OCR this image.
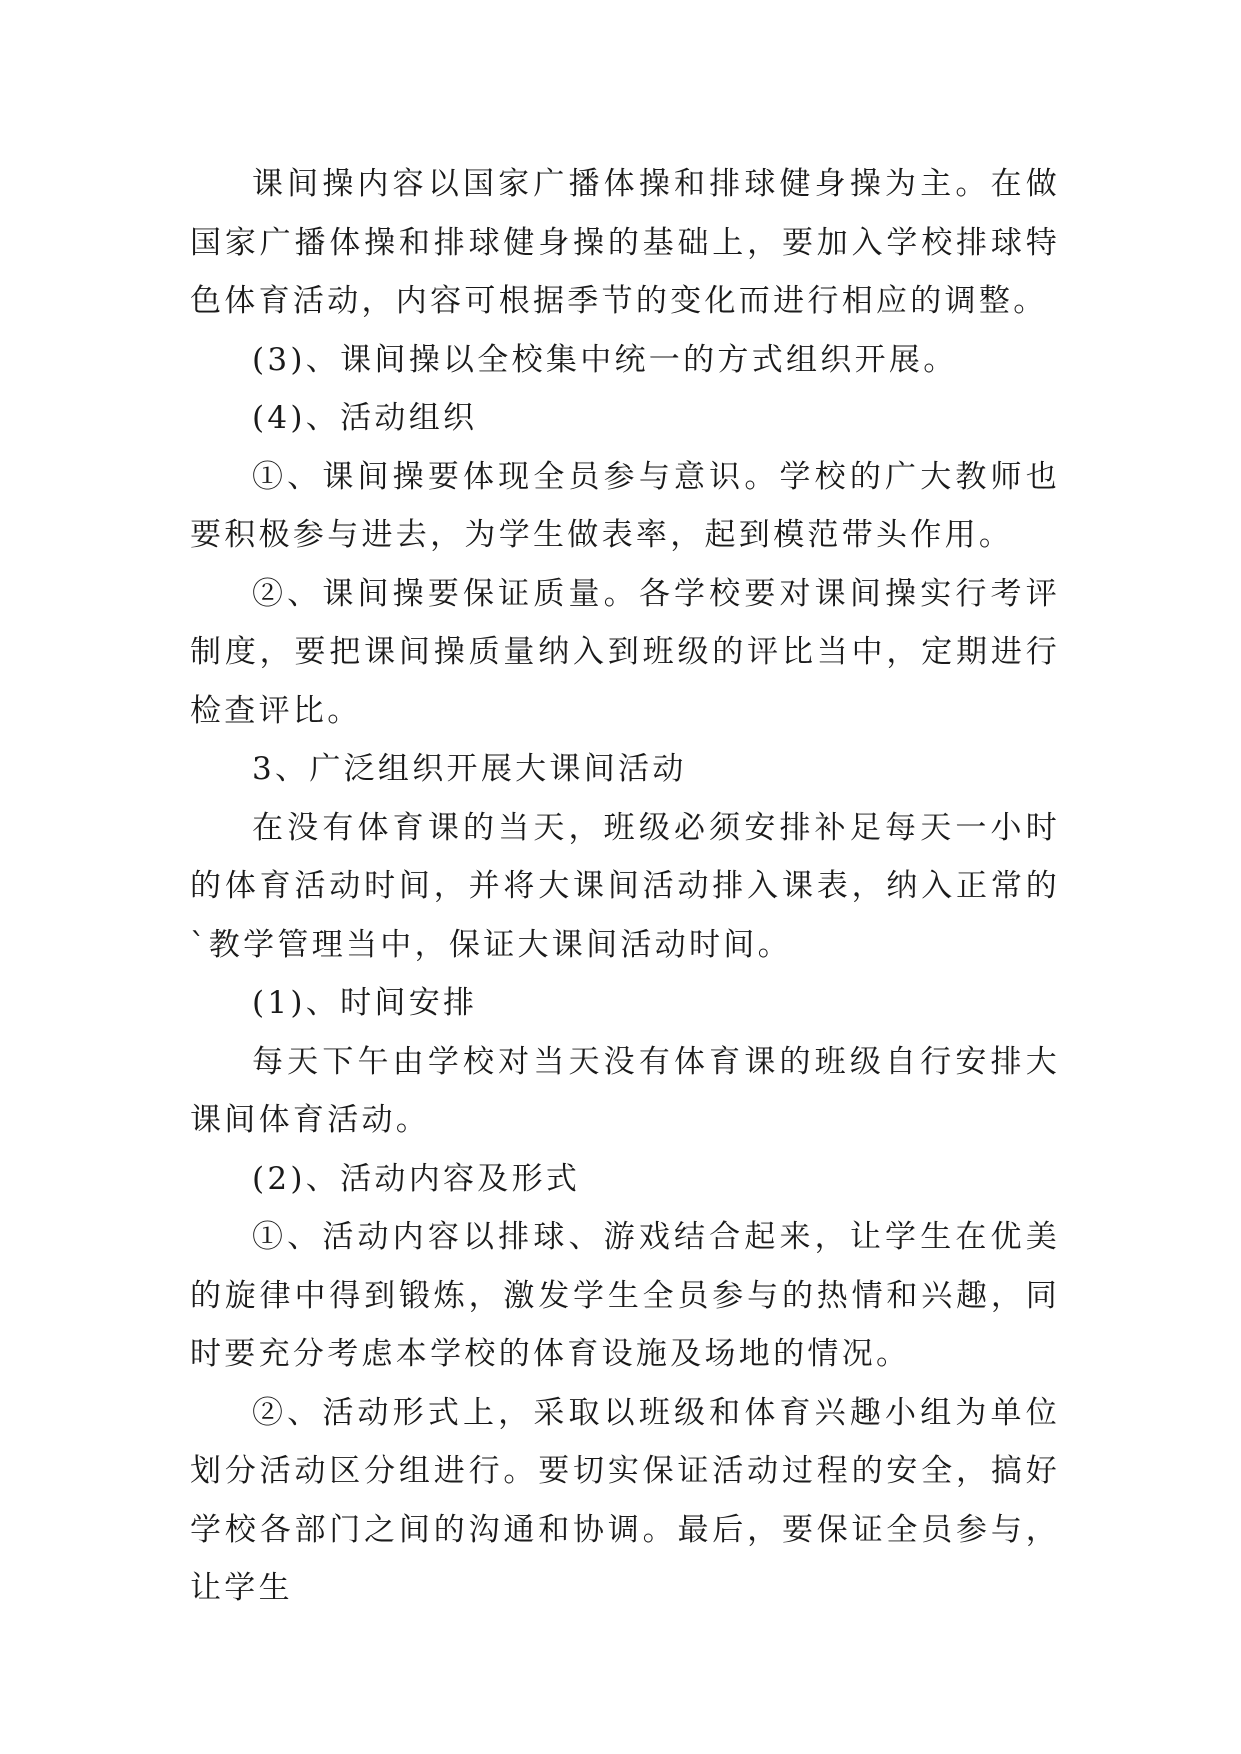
课间操内容以国家广播体操和排球健身操为主。在做国家广播体操和排球健身操的基础上，要加入学校排球特色体育活动，内容可根据季节的变化而进行相应的调整。

(3)、课间操以全校集中统一的方式组织开展。

(4)、活动组织

①、课间操要体现全员参与意识。学校的广大教师也要积极参与进去，为学生做表率，起到模范带头作用。

②、课间操要保证质量。各学校要对课间操实行考评制度，要把课间操质量纳入到班级的评比当中，定期进行检查评比。

3、广泛组织开展大课间活动

在没有体育课的当天，班级必须安排补足每天一小时的体育活动时间，并将大课间活动排入课表，纳入正常的`教学管理当中，保证大课间活动时间。

(1)、时间安排

每天下午由学校对当天没有体育课的班级自行安排大课间体育活动。

(2)、活动内容及形式

①、活动内容以排球、游戏结合起来，让学生在优美的旋律中得到锻炼，激发学生全员参与的热情和兴趣，同时要充分考虑本学校的体育设施及场地的情况。

②、活动形式上，采取以班级和体育兴趣小组为单位划分活动区分组进行。要切实保证活动过程的安全，搞好学校各部门之间的沟通和协调。最后，要保证全员参与，让学生
